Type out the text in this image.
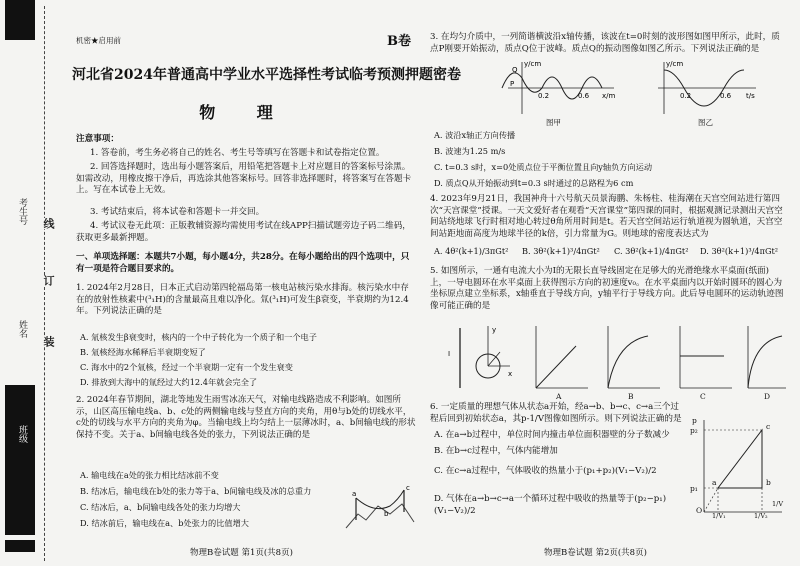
考生号
姓名
班级
线
订
装
机密★启用前	B卷
河北省2024年普通高中学业水平选择性考试临考预测押题密卷
物 理
注意事项：
1. 答卷前，考生务必将自己的姓名、考生号等填写在答题卡和试卷指定位置。
2. 回答选择题时，选出每小题答案后，用铅笔把答题卡上对应题目的答案标号涂黑。如需改动，用橡皮擦干净后，再选涂其他答案标号。回答非选择题时，将答案写在答题卡上。写在本试卷上无效。
3. 考试结束后，将本试卷和答题卡一并交回。
4. 考试议卷无此项：正版教辅资源均需使用考试在线APP扫描试题旁边子码二维码，获取更多最新押题。
一、单项选择题：本题共7小题，每小题4分，共28分。在每小题给出的四个选项中，只有一项是符合题目要求的。
1. 2024年2月28日，日本正式启动第四轮福岛第一核电站核污染水排海。核污染水中存在的放射性核素中(³₁H)的含量最高且难以净化。氚(³₁H)可发生β衰变，半衰期约为12.4年。下列说法正确的是
A. 氚核发生β衰变时，核内的一个中子转化为一个质子和一个电子
B. 氚核经海水稀释后半衰期变短了
C. 海水中的2个氚核，经过一个半衰期一定有一个发生衰变
D. 排放到大海中的氚经过大约12.4年就会完全了
2. 2024年春节期间，湖北等地发生雨雪冰冻天气，对输电线路造成不利影响。如图所示，山区高压输电线a、b、c处的两侧输电线与竖直方向的夹角，用θ与b处的切线水平，c处的切线与水平方向的夹角为φ。当输电线上均匀结上一层薄冰时，a、b间输电线的形状保持不变。关于a、b间输电线各处的张力，下列说法正确的是
A. 输电线在a处的张力相比结冰前不变
B. 结冰后，输电线在b处的张力等于a、b间输电线及冰的总重力
C. 结冰后，a、b间输电线各处的张力均增大
D. 结冰前后，输电线在a、b处张力的比值增大
a
b
c
物理B卷试题 第1页(共8页)
3. 在均匀介质中，一列简谐横波沿x轴传播，该波在t=0时刻的波形图如图甲所示，此时，质点P刚要开始振动，质点Q位于波峰。质点Q的振动图像如图乙所示。下列说法正确的是
y/cm
x/m
Q
P
0.2	0.6
图甲
y/cm
t/s
0.2	0.6
图乙
A. 波沿x轴正方向传播
B. 波速为1.25 m/s
C. t=0.3 s时，x=0处质点位于平衡位置且向y轴负方向运动
D. 质点Q从开始振动到t=0.3 s时通过的总路程为6 cm
4. 2023年9月21日，我国神舟十六号航天员景海鹏、朱杨柱、桂海潮在天宫空间站进行第四次“天宫课堂”授课。一天文爱好者在观看“天宫课堂”第四课的同时，根据观测记录测出天宫空间站绕地球飞行时相对地心转过θ角所用时间是t。若天宫空间站运行轨道视为圆轨道，天宫空间站距地面高度为地球半径的k倍，引力常量为G。则地球的密度表达式为
A. 4θ²(k+1)/3πGt² B. 3θ²(k+1)³/4πGt² C. 3θ²(k+1)/4πGt² D. 3θ²(k+1)³/4πGt²
5. 如图所示，一通有电流大小为I的无限长直导线固定在足够大的光滑绝缘水平桌面(纸面)上，一导电圆环在水平桌面上获得图示方向的初速度v₀。在水平桌面内以开始时圆环的圆心为坐标原点建立坐标系，x轴垂直于导线方向，y轴平行于导线方向。此后导电圆环的运动轨迹图像可能正确的是
I
y
x
A	B	C	D
6. 一定质量的理想气体从状态a开始，经a→b、b→c、c→a三个过程后回到初始状态a，其p-1/V图像如图所示。则下列说法正确的是
A. 在a→b过程中，单位时间内撞击单位面积器壁的分子数减少
B. 在b→c过程中，气体内能增加
C. 在c→a过程中，气体吸收的热量小于(p₁+p₂)(V₁−V₂)/2
D. 气体在a→b→c→a一个循环过程中吸收的热量等于(p₂−p₁)(V₁−V₂)/2
p
p₂
p₁
O
1/V₁	1/V₂
1/V
a	b
c
物理B卷试题 第2页(共8页)
